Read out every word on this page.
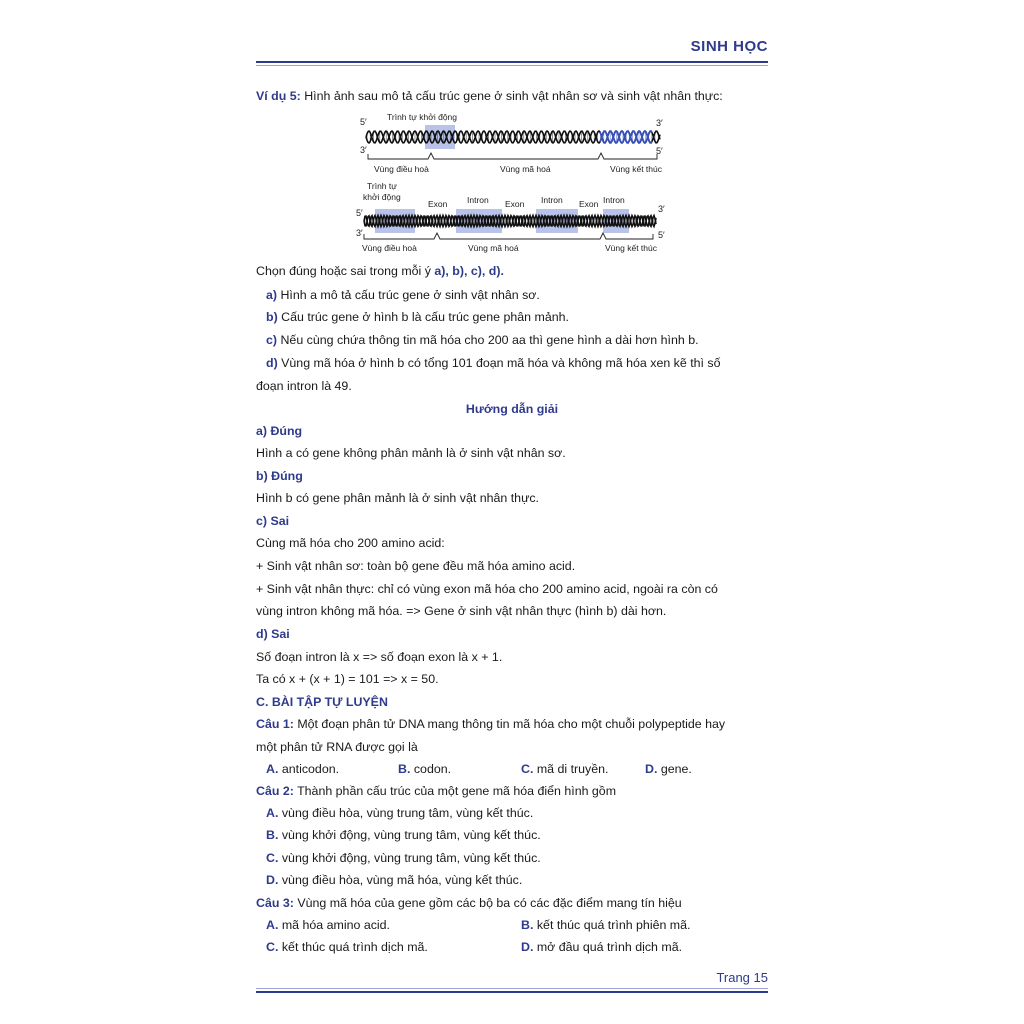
SINH HỌC
Ví dụ 5: Hình ảnh sau mô tả cấu trúc gene ở sinh vật nhân sơ và sinh vật nhân thực:
Trình tự khởi động
5′	3′
3′	5′
Vùng điều hoà	Vùng mã hoá	Vùng kết thúc
Trình tự
khởi động
Exon Intron Exon Intron Exon Intron
5′	3′
3′	5′
Vùng điều hoà	Vùng mã hoá	Vùng kết thúc
Chọn đúng hoặc sai trong mỗi ý a), b), c), d).
a) Hình a mô tả cấu trúc gene ở sinh vật nhân sơ.
b) Cấu trúc gene ở hình b là cấu trúc gene phân mảnh.
c) Nếu cùng chứa thông tin mã hóa cho 200 aa thì gene hình a dài hơn hình b.
d) Vùng mã hóa ở hình b có tổng 101 đoạn mã hóa và không mã hóa xen kẽ thì số
đoạn intron là 49.
Hướng dẫn giải
a) Đúng
Hình a có gene không phân mảnh là ở sinh vật nhân sơ.
b) Đúng
Hình b có gene phân mảnh là ở sinh vật nhân thực.
c) Sai
Cùng mã hóa cho 200 amino acid:
+ Sinh vật nhân sơ: toàn bộ gene đều mã hóa amino acid.
+ Sinh vật nhân thực: chỉ có vùng exon mã hóa cho 200 amino acid, ngoài ra còn có
vùng intron không mã hóa. => Gene ở sinh vật nhân thực (hình b) dài hơn.
d) Sai
Số đoạn intron là x => số đoạn exon là x + 1.
Ta có x + (x + 1) = 101 => x = 50.
C. BÀI TẬP TỰ LUYỆN
Câu 1: Một đoạn phân tử DNA mang thông tin mã hóa cho một chuỗi polypeptide hay
một phân tử RNA được gọi là
A. anticodon.	B. codon.	C. mã di truyền.	D. gene.
Câu 2: Thành phần cấu trúc của một gene mã hóa điển hình gồm
A. vùng điều hòa, vùng trung tâm, vùng kết thúc.
B. vùng khởi động, vùng trung tâm, vùng kết thúc.
C. vùng khởi động, vùng trung tâm, vùng kết thúc.
D. vùng điều hòa, vùng mã hóa, vùng kết thúc.
Câu 3: Vùng mã hóa của gene gồm các bộ ba có các đặc điểm mang tín hiệu
A. mã hóa amino acid.	B. kết thúc quá trình phiên mã.
C. kết thúc quá trình dịch mã.	D. mở đầu quá trình dịch mã.
Trang 15
